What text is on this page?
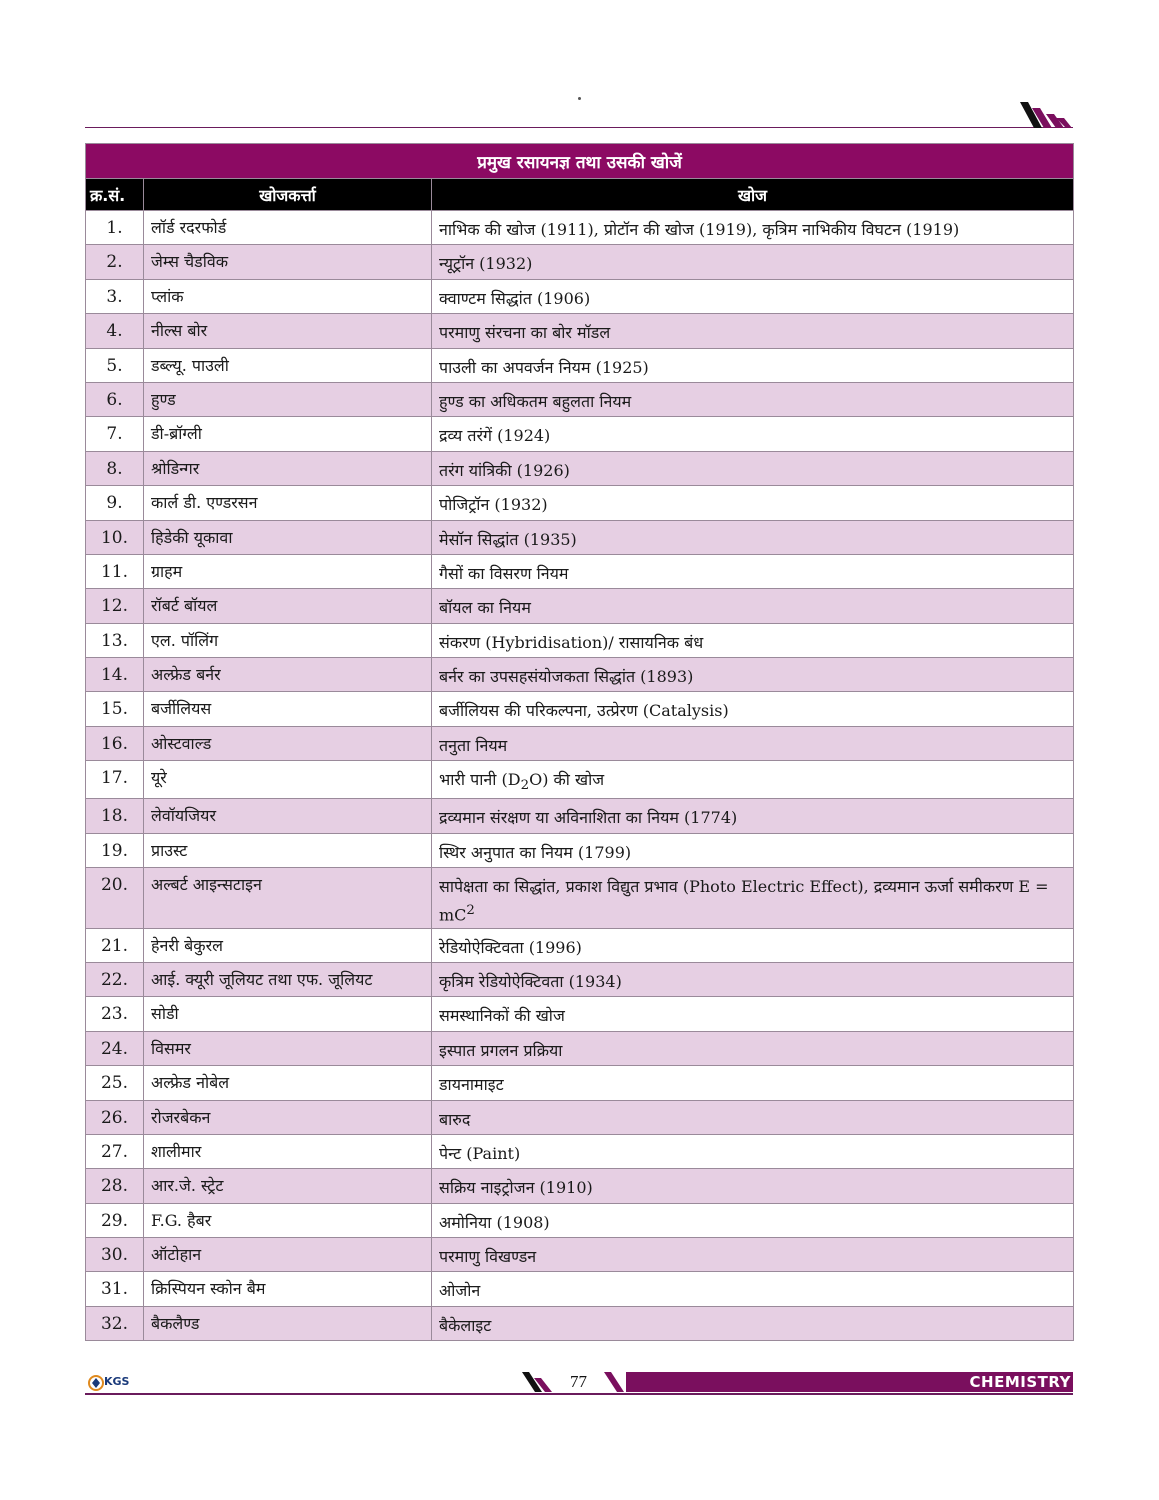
प्रमुख रसायनज्ञ तथा उसकी खोजें		
क्र.सं.	खोजकर्त्ता	खोज
1.	लॉर्ड रदरफोर्ड	नाभिक की खोज (1911), प्रोटॉन की खोज (1919), कृत्रिम नाभिकीय विघटन (1919)
2.	जेम्स चैडविक	न्यूट्रॉन (1932)
3.	प्लांक	क्वाण्टम सिद्धांत (1906)
4.	नील्स बोर	परमाणु संरचना का बोर मॉडल
5.	डब्ल्यू. पाउली	पाउली का अपवर्जन नियम (1925)
6.	हुण्ड	हुण्ड का अधिकतम बहुलता नियम
7.	डी-ब्रॉग्ली	द्रव्य तरंगें (1924)
8.	श्रोडिन्गर	तरंग यांत्रिकी (1926)
9.	कार्ल डी. एण्डरसन	पोजिट्रॉन (1932)
10.	हिडेकी यूकावा	मेसॉन सिद्धांत (1935)
11.	ग्राहम	गैसों का विसरण नियम
12.	रॉबर्ट बॉयल	बॉयल का नियम
13.	एल. पॉलिंग	संकरण (Hybridisation)/ रासायनिक बंध
14.	अल्फ्रेड बर्नर	बर्नर का उपसहसंयोजकता सिद्धांत (1893)
15.	बर्जीलियस	बर्जीलियस की परिकल्पना, उत्प्रेरण (Catalysis)
16.	ओस्टवाल्ड	तनुता नियम
17.	यूरे	भारी पानी $(D_2O)$ की खोज
18.	लेवॉयजियर	द्रव्यमान संरक्षण या अविनाशिता का नियम (1774)
19.	प्राउस्ट	स्थिर अनुपात का नियम (1799)
20.	अल्बर्ट आइन्सटाइन	सापेक्षता का सिद्धांत, प्रकाश विद्युत प्रभाव (Photo Electric Effect), द्रव्यमान ऊर्जा समीकरण $E = mC^2$
21.	हेनरी बेकुरल	रेडियोऐक्टिवता (1996)
22.	आई. क्यूरी जूलियट तथा एफ. जूलियट	कृत्रिम रेडियोऐक्टिवता (1934)
23.	सोडी	समस्थानिकों की खोज
24.	विसमर	इस्पात प्रगलन प्रक्रिया
25.	अल्फ्रेड नोबेल	डायनामाइट
26.	रोजरबेकन	बारुद
27.	शालीमार	पेन्ट (Paint)
28.	आर.जे. स्ट्रेट	सक्रिय नाइट्रोजन (1910)
29.	F.G. हैबर	अमोनिया (1908)
30.	ऑटोहान	परमाणु विखण्डन
31.	क्रिस्पियन स्कोन बैम	ओजोन
32.	बैकलैण्ड	बैकेलाइट
KGS	77	CHEMISTRY
